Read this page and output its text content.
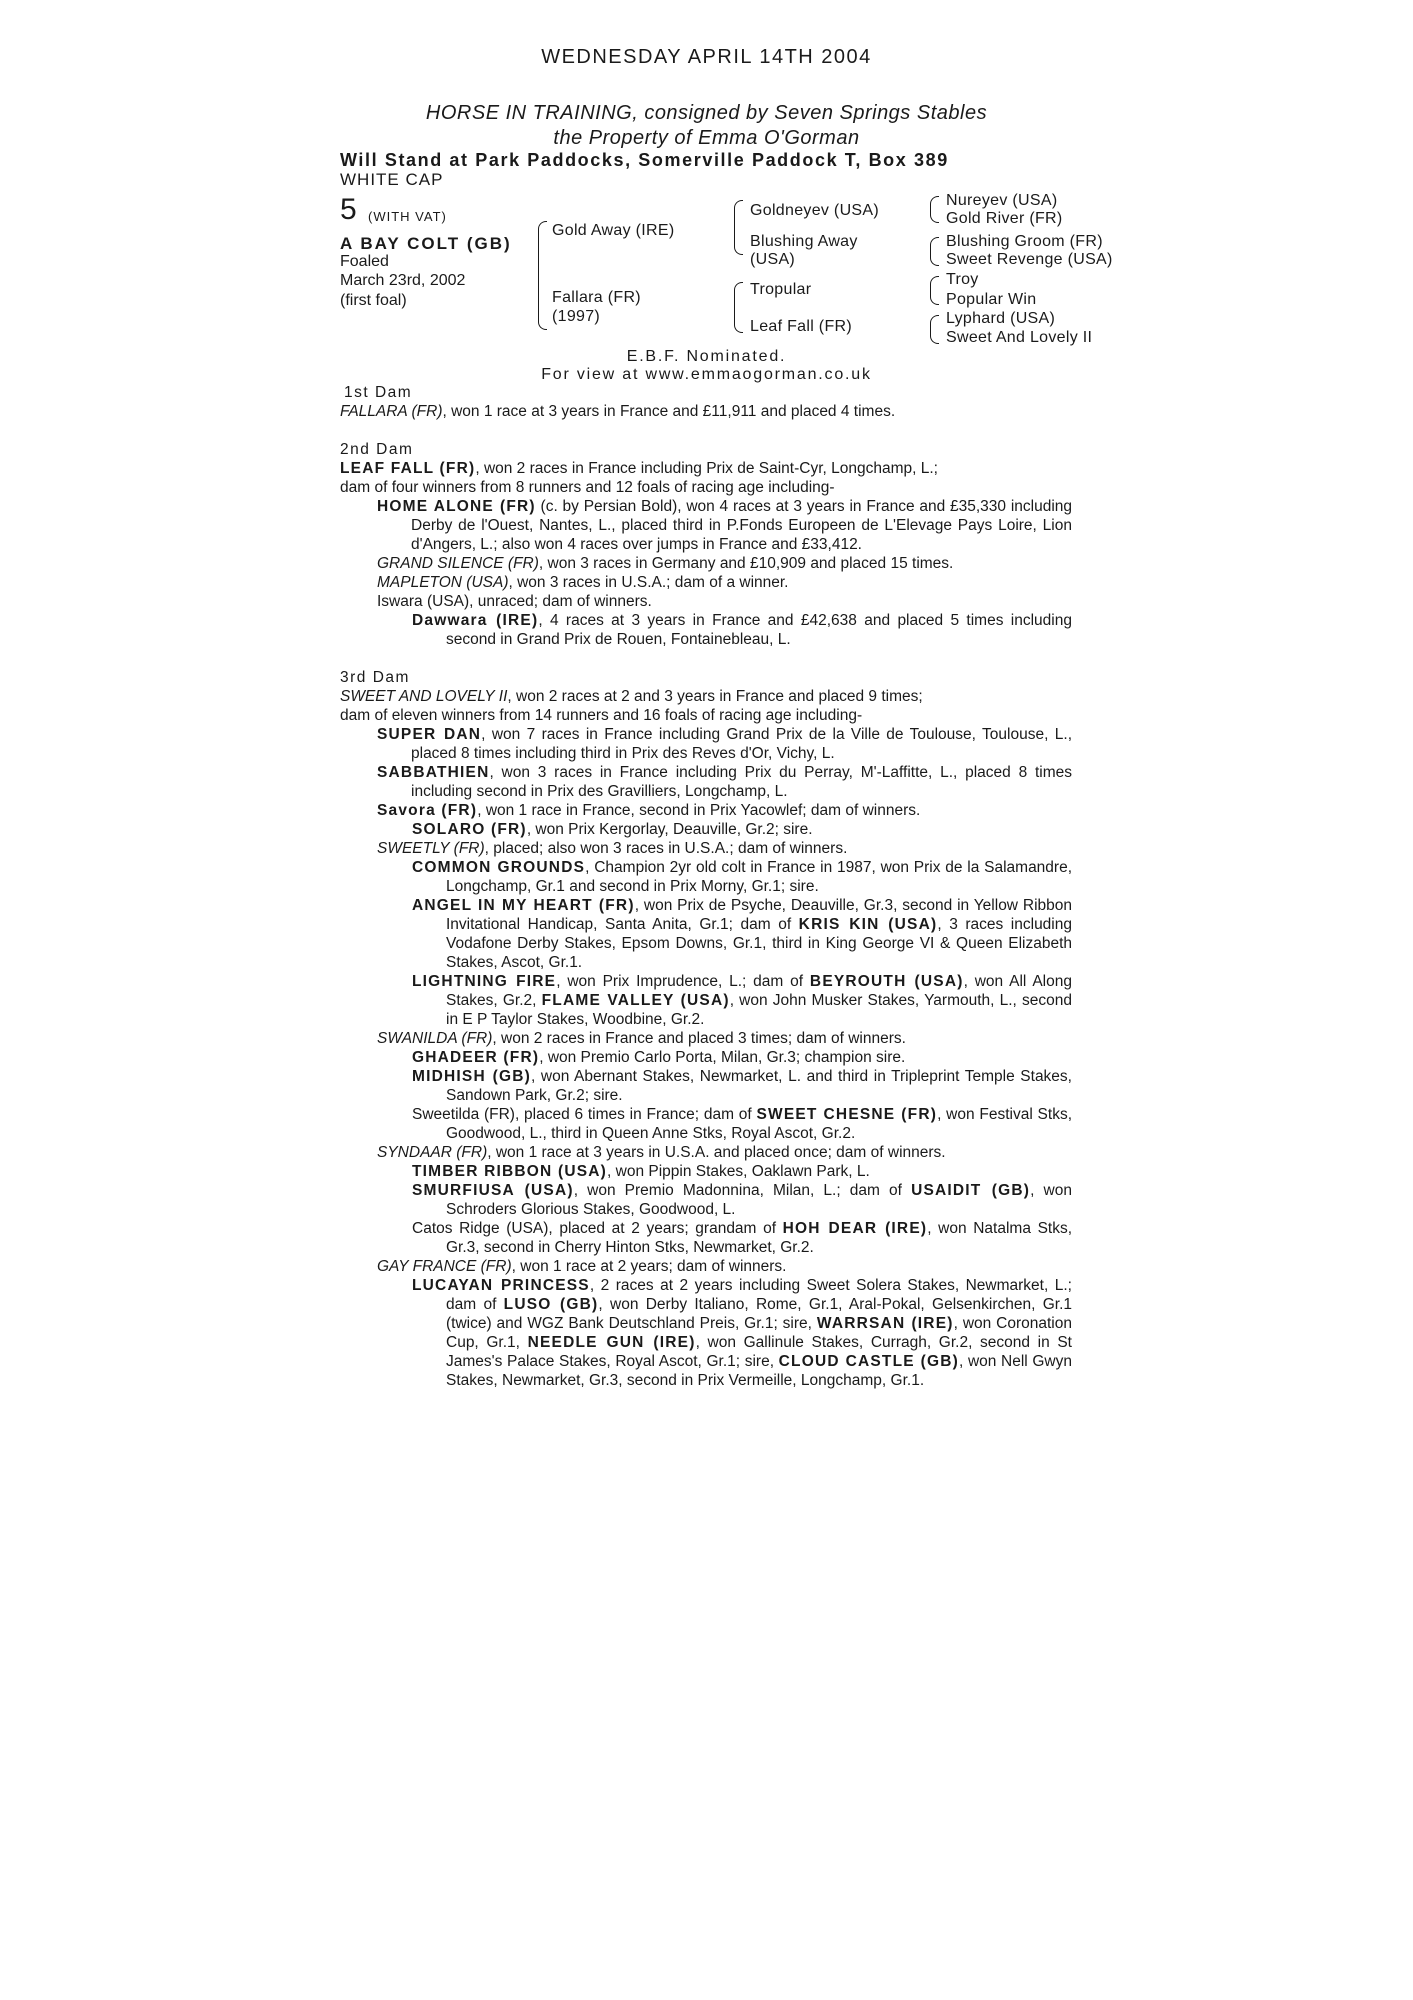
WEDNESDAY APRIL 14TH 2004
HORSE IN TRAINING, consigned by Seven Springs Stables
the Property of Emma O'Gorman
Will Stand at Park Paddocks, Somerville Paddock T, Box 389
WHITE CAP
5 (WITH VAT)
A BAY COLT (GB)
Foaled
March 23rd, 2002
(first foal)
Gold Away (IRE)
Fallara (FR)
(1997)
Goldneyev (USA)
Blushing Away
(USA)
Tropular
Leaf Fall (FR)
Nureyev (USA)
Gold River (FR)
Blushing Groom (FR)
Sweet Revenge (USA)
Troy
Popular Win
Lyphard (USA)
Sweet And Lovely II
E.B.F. Nominated.
For view at www.emmaogorman.co.uk
1st Dam
FALLARA (FR), won 1 race at 3 years in France and £11,911 and placed 4 times.
2nd Dam
LEAF FALL (FR), won 2 races in France including Prix de Saint-Cyr, Longchamp, L.;
dam of four winners from 8 runners and 12 foals of racing age including-
HOME ALONE (FR) (c. by Persian Bold), won 4 races at 3 years in France and £35,330 including Derby de l'Ouest, Nantes, L., placed third in P.Fonds Europeen de L'Elevage Pays Loire, Lion d'Angers, L.; also won 4 races over jumps in France and £33,412.
GRAND SILENCE (FR), won 3 races in Germany and £10,909 and placed 15 times.
MAPLETON (USA), won 3 races in U.S.A.; dam of a winner.
Iswara (USA), unraced; dam of winners.
Dawwara (IRE), 4 races at 3 years in France and £42,638 and placed 5 times including second in Grand Prix de Rouen, Fontainebleau, L.
3rd Dam
SWEET AND LOVELY II, won 2 races at 2 and 3 years in France and placed 9 times;
dam of eleven winners from 14 runners and 16 foals of racing age including-
SUPER DAN, won 7 races in France including Grand Prix de la Ville de Toulouse, Toulouse, L., placed 8 times including third in Prix des Reves d'Or, Vichy, L.
SABBATHIEN, won 3 races in France including Prix du Perray, M'-Laffitte, L., placed 8 times including second in Prix des Gravilliers, Longchamp, L.
Savora (FR), won 1 race in France, second in Prix Yacowlef; dam of winners.
SOLARO (FR), won Prix Kergorlay, Deauville, Gr.2; sire.
SWEETLY (FR), placed; also won 3 races in U.S.A.; dam of winners.
COMMON GROUNDS, Champion 2yr old colt in France in 1987, won Prix de la Salamandre, Longchamp, Gr.1 and second in Prix Morny, Gr.1; sire.
ANGEL IN MY HEART (FR), won Prix de Psyche, Deauville, Gr.3, second in Yellow Ribbon Invitational Handicap, Santa Anita, Gr.1; dam of KRIS KIN (USA), 3 races including Vodafone Derby Stakes, Epsom Downs, Gr.1, third in King George VI & Queen Elizabeth Stakes, Ascot, Gr.1.
LIGHTNING FIRE, won Prix Imprudence, L.; dam of BEYROUTH (USA), won All Along Stakes, Gr.2, FLAME VALLEY (USA), won John Musker Stakes, Yarmouth, L., second in E P Taylor Stakes, Woodbine, Gr.2.
SWANILDA (FR), won 2 races in France and placed 3 times; dam of winners.
GHADEER (FR), won Premio Carlo Porta, Milan, Gr.3; champion sire.
MIDHISH (GB), won Abernant Stakes, Newmarket, L. and third in Tripleprint Temple Stakes, Sandown Park, Gr.2; sire.
Sweetilda (FR), placed 6 times in France; dam of SWEET CHESNE (FR), won Festival Stks, Goodwood, L., third in Queen Anne Stks, Royal Ascot, Gr.2.
SYNDAAR (FR), won 1 race at 3 years in U.S.A. and placed once; dam of winners.
TIMBER RIBBON (USA), won Pippin Stakes, Oaklawn Park, L.
SMURFIUSA (USA), won Premio Madonnina, Milan, L.; dam of USAIDIT (GB), won Schroders Glorious Stakes, Goodwood, L.
Catos Ridge (USA), placed at 2 years; grandam of HOH DEAR (IRE), won Natalma Stks, Gr.3, second in Cherry Hinton Stks, Newmarket, Gr.2.
GAY FRANCE (FR), won 1 race at 2 years; dam of winners.
LUCAYAN PRINCESS, 2 races at 2 years including Sweet Solera Stakes, Newmarket, L.; dam of LUSO (GB), won Derby Italiano, Rome, Gr.1, Aral-Pokal, Gelsenkirchen, Gr.1 (twice) and WGZ Bank Deutschland Preis, Gr.1; sire, WARRSAN (IRE), won Coronation Cup, Gr.1, NEEDLE GUN (IRE), won Gallinule Stakes, Curragh, Gr.2, second in St James's Palace Stakes, Royal Ascot, Gr.1; sire, CLOUD CASTLE (GB), won Nell Gwyn Stakes, Newmarket, Gr.3, second in Prix Vermeille, Longchamp, Gr.1.
